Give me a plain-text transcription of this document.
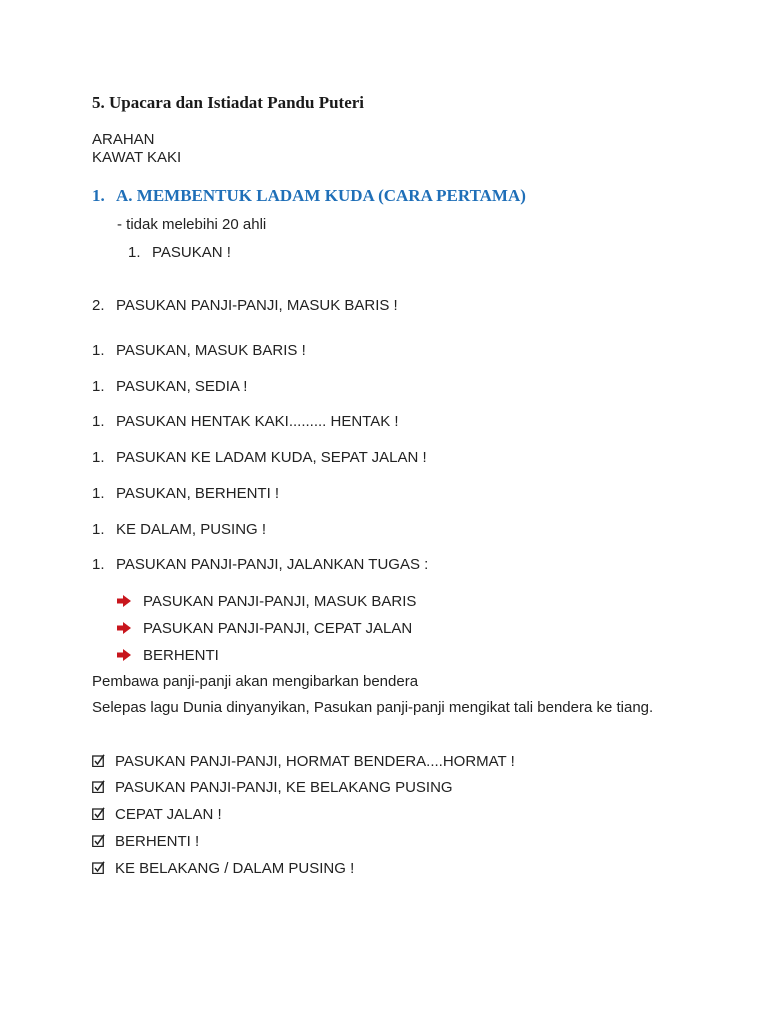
5. Upacara dan Istiadat Pandu Puteri
ARAHAN
KAWAT KAKI
1. A. MEMBENTUK LADAM KUDA (CARA PERTAMA)
- tidak melebihi 20 ahli
1. PASUKAN !
2. PASUKAN PANJI-PANJI, MASUK BARIS !
1. PASUKAN, MASUK BARIS !
1. PASUKAN, SEDIA !
1. PASUKAN HENTAK KAKI......... HENTAK !
1. PASUKAN KE LADAM KUDA, SEPAT JALAN !
1. PASUKAN, BERHENTI !
1. KE DALAM, PUSING !
1. PASUKAN PANJI-PANJI, JALANKAN TUGAS :
PASUKAN PANJI-PANJI, MASUK BARIS
PASUKAN PANJI-PANJI, CEPAT JALAN
BERHENTI
Pembawa panji-panji akan mengibarkan bendera
Selepas lagu Dunia dinyanyikan, Pasukan panji-panji mengikat tali bendera ke tiang.
PASUKAN PANJI-PANJI, HORMAT BENDERA....HORMAT !
PASUKAN PANJI-PANJI, KE BELAKANG PUSING
CEPAT JALAN !
BERHENTI !
KE BELAKANG / DALAM PUSING !
